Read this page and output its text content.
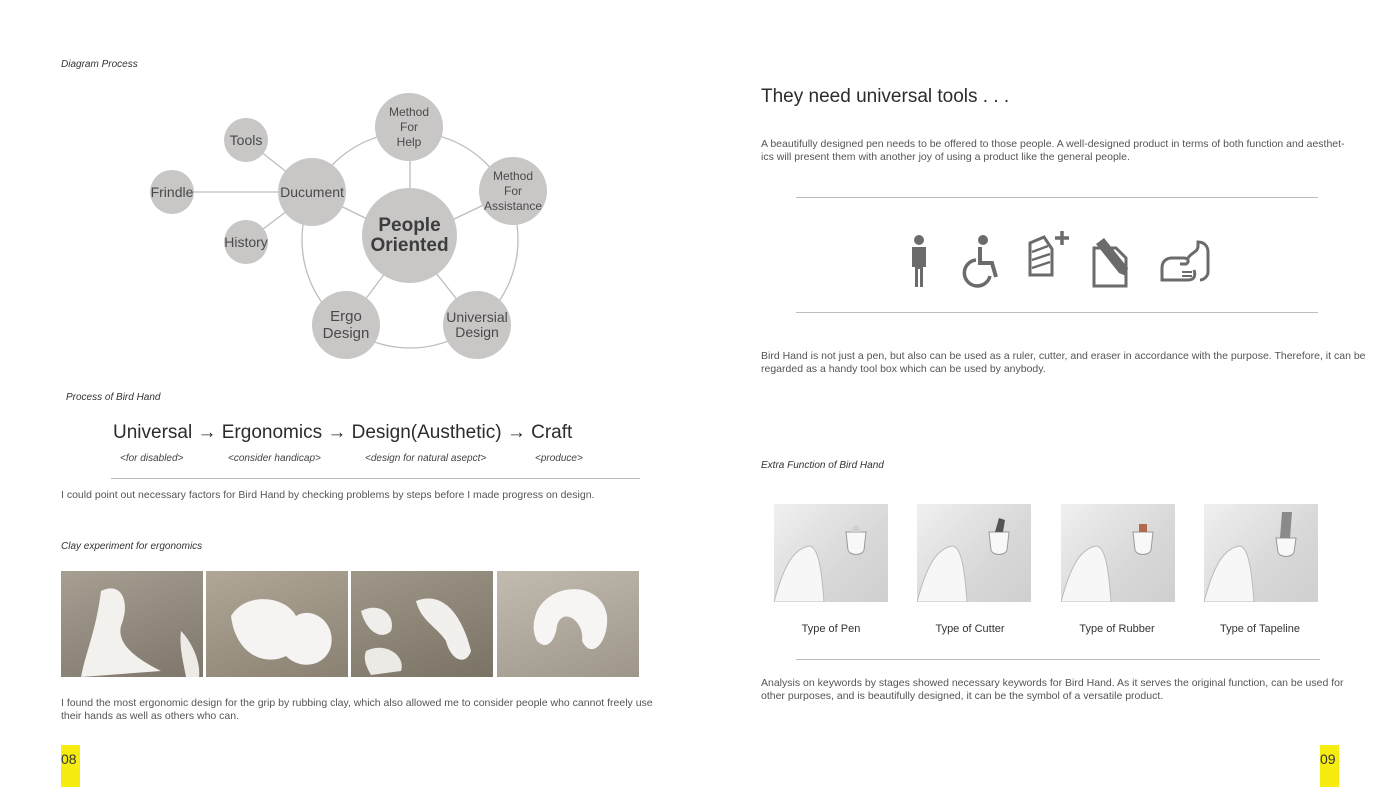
Diagram Process
People
Oriented
Method
For
Help
Method
For
Assistance
Universial
Design
Ergo
Design
Ducument
Tools
Frindle
History
Process of Bird Hand
Universal → Ergonomics → Design(Austhetic) → Craft
<for disabled>	<consider handicap>	<design for natural asepct>	<produce>
I could point out necessary factors for Bird Hand by checking problems by steps before I made progress on design.
Clay experiment for ergonomics
I found the most ergonomic design for the grip by rubbing clay, which also allowed me to consider people who cannot freely use
their hands as well as others who can.
08
They need universal tools . . .
A beautifully designed pen needs to be offered to those people. A well-designed product in terms of both function and aesthet-
ics will present them with another joy of using a product like the general people.
Bird Hand is not just a pen, but also can be used as a ruler, cutter, and eraser in accordance with the purpose. Therefore, it can be
regarded as a handy tool box which can be used by anybody.
Extra Function of Bird Hand
Type of Pen	Type of Cutter	Type of Rubber	Type of Tapeline
Analysis on keywords by stages showed necessary keywords for Bird Hand. As it serves the original function, can be used for
other purposes, and is beautifully designed, it can be the symbol of a versatile product.
09
